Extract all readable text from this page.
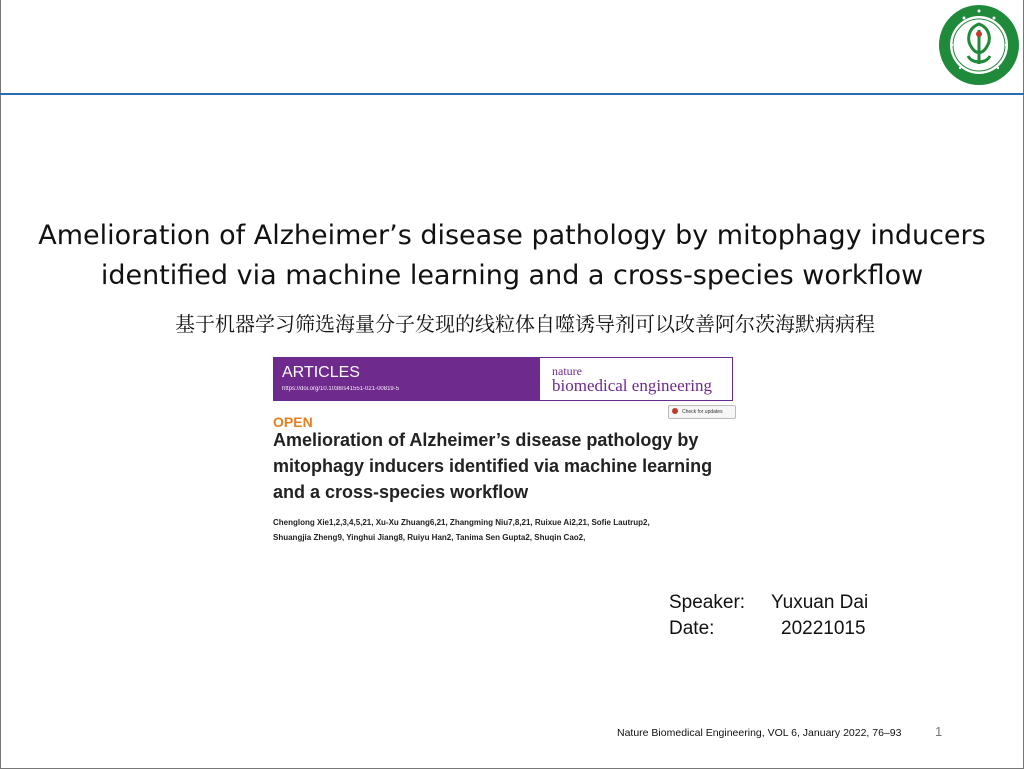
Amelioration of Alzheimer’s disease pathology by mitophagy inducers
identified via machine learning and a cross-species workflow
基于机器学习筛选海量分子发现的线粒体自噬诱导剂可以改善阿尔茨海默病病程
ARTICLES
https://doi.org/10.1038/s41551-021-00819-5
nature
biomedical engineering
Check for updates
OPEN
Amelioration of Alzheimer’s disease pathology by mitophagy inducers identified via machine learning and a cross-species workflow
Chenglong Xie1,2,3,4,5,21, Xu-Xu Zhuang6,21, Zhangming Niu7,8,21, Ruixue Ai2,21, Sofie Lautrup2,
Shuangjia Zheng9, Yinghui Jiang8, Ruiyu Han2, Tanima Sen Gupta2, Shuqin Cao2,
Speaker:	Yuxuan Dai
Date:	20221015
Nature Biomedical Engineering, VOL 6, January 2022, 76–93	1
